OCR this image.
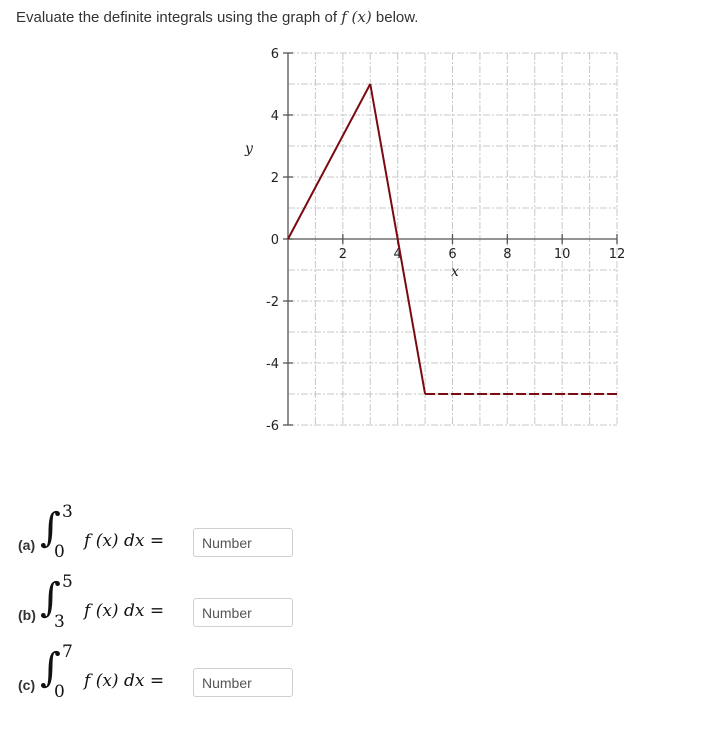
Evaluate the definite integrals using the graph of f (x) below.
2	4	6	8	10	12
6
4
2
0
-2
-4
-6
y
x
(a) ∫ 3
0
f (x) dx =
Number
(b) ∫ 5
3
f (x) dx =
Number
(c) ∫ 7
0
f (x) dx =
Number
